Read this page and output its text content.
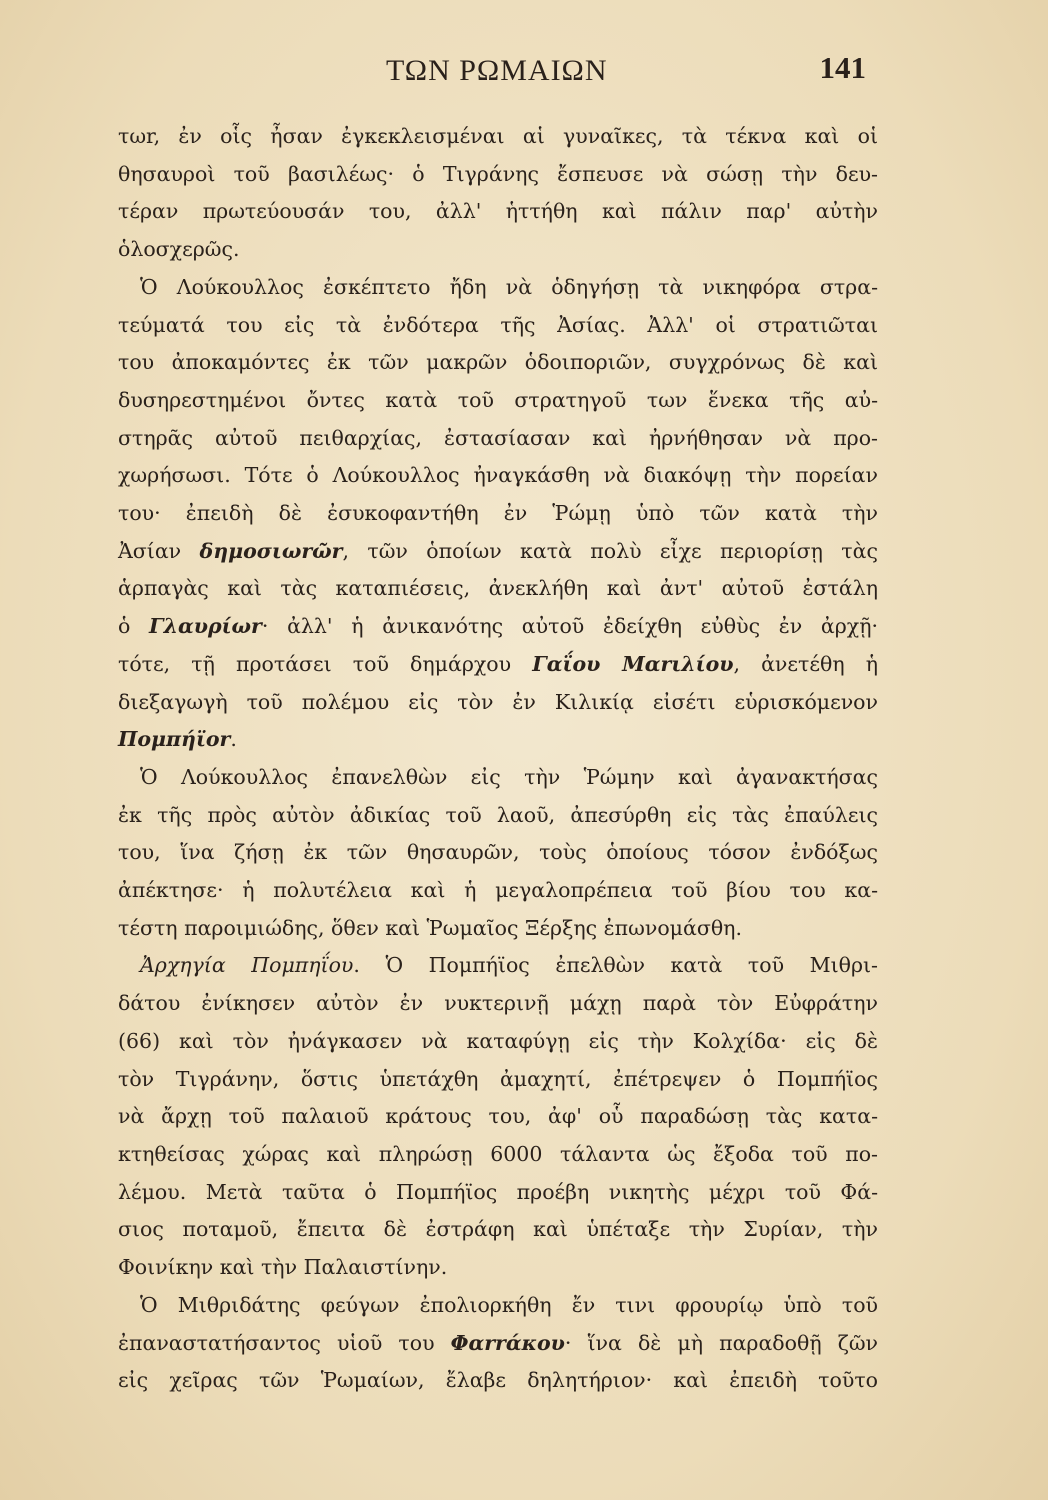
ΤΩΝ ΡΩΜΑΙΩΝ	141
τωr, ἐν οἷς ἦσαν ἐγκεκλεισμέναι αἱ γυναῖκες, τὰ τέκνα καὶ οἱ
θησαυροὶ τοῦ βασιλέως· ὁ Τιγράνης ἔσπευσε νὰ σώσῃ τὴν δευ-
τέραν πρωτεύουσάν του, ἀλλ' ἡττήθη καὶ πάλιν παρ' αὐτὴν
ὁλοσχερῶς.
Ὁ Λούκουλλος ἐσκέπτετο ἤδη νὰ ὁδηγήσῃ τὰ νικηφόρα στρα-
τεύματά του εἰς τὰ ἐνδότερα τῆς Ἀσίας. Ἀλλ' οἱ στρατιῶται
του ἀποκαμόντες ἐκ τῶν μακρῶν ὁδοιποριῶν, συγχρόνως δὲ καὶ
δυσηρεστημένοι ὄντες κατὰ τοῦ στρατηγοῦ των ἕνεκα τῆς αὐ-
στηρᾶς αὐτοῦ πειθαρχίας, ἐστασίασαν καὶ ἠρνήθησαν νὰ προ-
χωρήσωσι. Τότε ὁ Λούκουλλος ἠναγκάσθη νὰ διακόψῃ τὴν πορείαν
του· ἐπειδὴ δὲ ἐσυκοφαντήθη ἐν Ῥώμῃ ὑπὸ τῶν κατὰ τὴν
Ἀσίαν δημοσιωrῶr, τῶν ὁποίων κατὰ πολὺ εἶχε περιορίσῃ τὰς
ἁρπαγὰς καὶ τὰς καταπιέσεις, ἀνεκλήθη καὶ ἀντ' αὐτοῦ ἐστάλη
ὁ Γλαυρίωr· ἀλλ' ἡ ἀνικανότης αὐτοῦ ἐδείχθη εὐθὺς ἐν ἀρχῇ·
τότε, τῇ προτάσει τοῦ δημάρχου Γαΐου Μαrιλίου, ἀνετέθη ἡ
διεξαγωγὴ τοῦ πολέμου εἰς τὸν ἐν Κιλικίᾳ εἰσέτι εὑρισκόμενον
Πομπήϊοr.
Ὁ Λούκουλλος ἐπανελθὼν εἰς τὴν Ῥώμην καὶ ἀγανακτήσας
ἐκ τῆς πρὸς αὐτὸν ἀδικίας τοῦ λαοῦ, ἀπεσύρθη εἰς τὰς ἐπαύλεις
του, ἵνα ζήσῃ ἐκ τῶν θησαυρῶν, τοὺς ὁποίους τόσον ἐνδόξως
ἀπέκτησε· ἡ πολυτέλεια καὶ ἡ μεγαλοπρέπεια τοῦ βίου του κα-
τέστη παροιμιώδης, ὅθεν καὶ Ῥωμαῖος Ξέρξης ἐπωνομάσθη.
Ἀρχηγία Πομπηΐου. Ὁ Πομπήϊος ἐπελθὼν κατὰ τοῦ Μιθρι-
δάτου ἐνίκησεν αὐτὸν ἐν νυκτερινῇ μάχῃ παρὰ τὸν Εὐφράτην
(66) καὶ τὸν ἠνάγκασεν νὰ καταφύγῃ εἰς τὴν Κολχίδα· εἰς δὲ
τὸν Τιγράνην, ὅστις ὑπετάχθη ἀμαχητί, ἐπέτρεψεν ὁ Πομπήϊος
νὰ ἄρχῃ τοῦ παλαιοῦ κράτους του, ἀφ' οὗ παραδώσῃ τὰς κατα-
κτηθείσας χώρας καὶ πληρώσῃ 6000 τάλαντα ὡς ἔξοδα τοῦ πο-
λέμου. Μετὰ ταῦτα ὁ Πομπήϊος προέβη νικητὴς μέχρι τοῦ Φά-
σιος ποταμοῦ, ἔπειτα δὲ ἐστράφη καὶ ὑπέταξε τὴν Συρίαν, τὴν
Φοινίκην καὶ τὴν Παλαιστίνην.
Ὁ Μιθριδάτης φεύγων ἐπολιορκήθη ἔν τινι φρουρίῳ ὑπὸ τοῦ
ἐπαναστατήσαντος υἱοῦ του Φαrrάκου· ἵνα δὲ μὴ παραδοθῇ ζῶν
εἰς χεῖρας τῶν Ῥωμαίων, ἔλαβε δηλητήριον· καὶ ἐπειδὴ τοῦτο
